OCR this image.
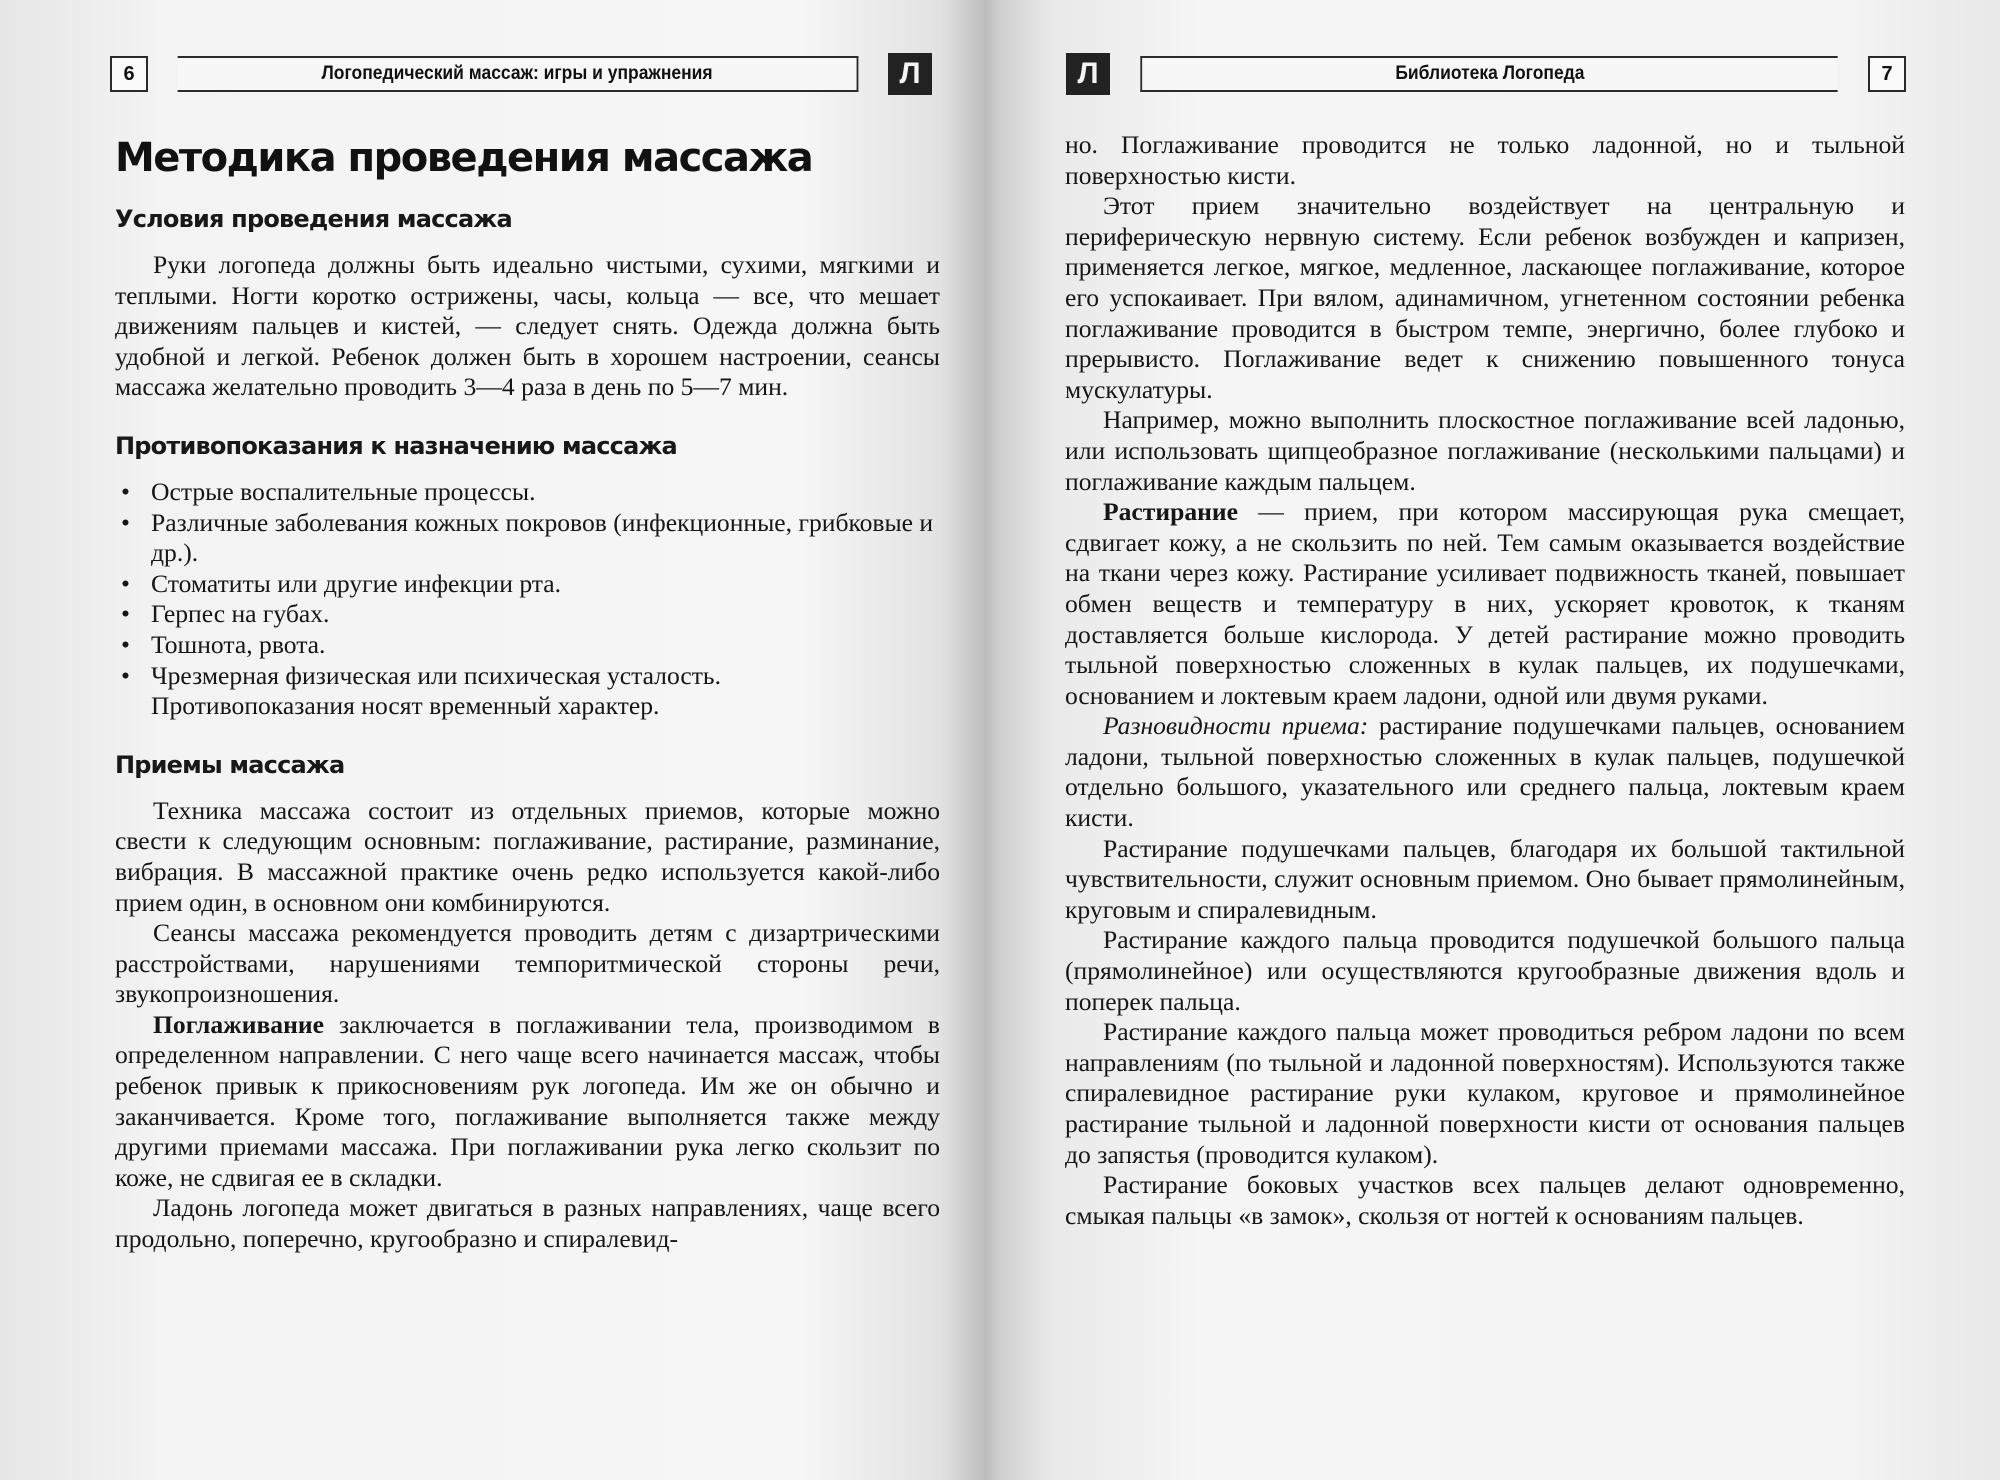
6	Логопедический массаж: игры и упражнения	Л
Методика проведения массажа
Условия проведения массажа

Руки логопеда должны быть идеально чистыми, сухими, мягкими и теплыми. Ногти коротко острижены, часы, кольца — все, что мешает движениям пальцев и кистей, — следует снять. Одежда должна быть удобной и легкой. Ребенок должен быть в хорошем настроении, сеансы массажа желательно проводить 3—4 раза в день по 5—7 мин.

Противопоказания к назначению массажа
• Острые воспалительные процессы.
• Различные заболевания кожных покровов (инфекционные, грибковые и др.).
• Стоматиты или другие инфекции рта.
• Герпес на губах.
• Тошнота, рвота.
• Чрезмерная физическая или психическая усталость.

Противопоказания носят временный характер.

Приемы массажа

Техника массажа состоит из отдельных приемов, которые можно свести к следующим основным: поглаживание, растирание, разминание, вибрация. В массажной практике очень редко используется какой-либо прием один, в основном они комбинируются.

Сеансы массажа рекомендуется проводить детям с дизартрическими расстройствами, нарушениями темпоритмической стороны речи, звукопроизношения.

Поглаживание заключается в поглаживании тела, производимом в определенном направлении. С него чаще всего начинается массаж, чтобы ребенок привык к прикосновениям рук логопеда. Им же он обычно и заканчивается. Кроме того, поглаживание выполняется также между другими приемами массажа. При поглаживании рука легко скользит по коже, не сдвигая ее в складки.

Ладонь логопеда может двигаться в разных направлениях, чаще всего продольно, поперечно, кругообразно и спиралевид-

Л	Библиотека Логопеда	7

но. Поглаживание проводится не только ладонной, но и тыльной поверхностью кисти.

Этот прием значительно воздействует на центральную и периферическую нервную систему. Если ребенок возбужден и капризен, применяется легкое, мягкое, медленное, ласкающее поглаживание, которое его успокаивает. При вялом, адинамичном, угнетенном состоянии ребенка поглаживание проводится в быстром темпе, энергично, более глубоко и прерывисто. Поглаживание ведет к снижению повышенного тонуса мускулатуры.

Например, можно выполнить плоскостное поглаживание всей ладонью, или использовать щипцеобразное поглаживание (несколькими пальцами) и поглаживание каждым пальцем.

Растирание — прием, при котором массирующая рука смещает, сдвигает кожу, а не скользить по ней. Тем самым оказывается воздействие на ткани через кожу. Растирание усиливает подвижность тканей, повышает обмен веществ и температуру в них, ускоряет кровоток, к тканям доставляется больше кислорода. У детей растирание можно проводить тыльной поверхностью сложенных в кулак пальцев, их подушечками, основанием и локтевым краем ладони, одной или двумя руками.

Разновидности приема: растирание подушечками пальцев, основанием ладони, тыльной поверхностью сложенных в кулак пальцев, подушечкой отдельно большого, указательного или среднего пальца, локтевым краем кисти.

Растирание подушечками пальцев, благодаря их большой тактильной чувствительности, служит основным приемом. Оно бывает прямолинейным, круговым и спиралевидным.

Растирание каждого пальца проводится подушечкой большого пальца (прямолинейное) или осуществляются кругообразные движения вдоль и поперек пальца.

Растирание каждого пальца может проводиться ребром ладони по всем направлениям (по тыльной и ладонной поверхностям). Используются также спиралевидное растирание руки кулаком, круговое и прямолинейное растирание тыльной и ладонной поверхности кисти от основания пальцев до запястья (проводится кулаком).

Растирание боковых участков всех пальцев делают одновременно, смыкая пальцы «в замок», скользя от ногтей к основаниям пальцев.
